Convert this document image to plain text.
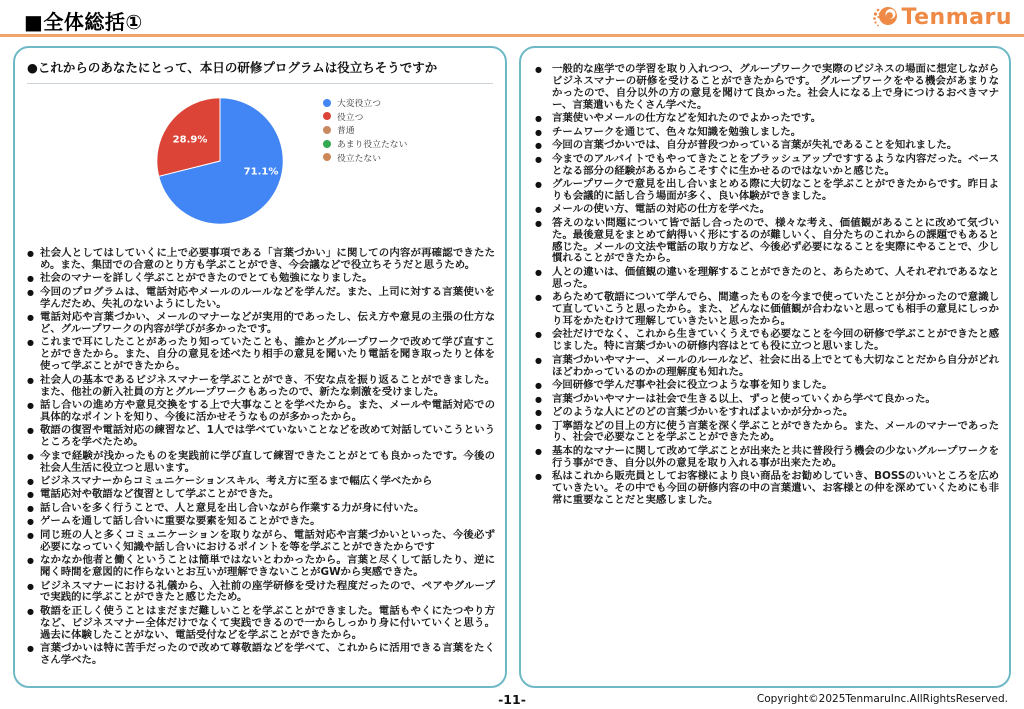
■全体総括①	Tenmaru
●これからのあなたにとって、本日の研修プログラムは役立ちそうですか
71.1%
28.9%
大変役立つ
役立つ
普通
あまり役立たない
役立たない
● 社会人としてはしていくに上で必要事項である「言葉づかい」に関しての内容が再確認できたため。また、集団での合意のとり方も学ぶことができ、今会議などで役立ちそうだと思うため。
● 社会のマナーを詳しく学ぶことができたのでとても勉強になりました。
● 今回のプログラムは、電話対応やメールのルールなどを学んだ。また、上司に対する言葉使いを学んだため、失礼のないようにしたい。
● 電話対応や言葉づかい、メールのマナーなどが実用的であったし、伝え方や意見の主張の仕方など、グループワークの内容が学びが多かったです。
● これまで耳にしたことがあったり知っていたことも、誰かとグループワークで改めて学び直すことができたから。また、自分の意見を述べたり相手の意見を聞いたり電話を聞き取ったりと体を使って学ぶことができたから。
● 社会人の基本であるビジネスマナーを学ぶことができ、不安な点を振り返ることができました。また、他社の新入社員の方とグループワークもあったので、新たな刺激を受けました。
● 話し合いの進め方や意見交換をする上で大事なことを学べたから。また、メールや電話対応での具体的なポイントを知り、今後に活かせそうなものが多かったから。
● 敬語の復習や電話対応の練習など、1人では学べていないことなどを改めて対話していこうというところを学べたため。
● 今まで経験が浅かったものを実践前に学び直して練習できたことがとても良かったです。今後の社会人生活に役立つと思います。
● ビジネスマナーからコミュニケーションスキル、考え方に至るまで幅広く学べたから
● 電話応対や敬語など復習として学ぶことができた。
● 話し合いを多く行うことで、人と意見を出し合いながら作業する力が身に付いた。
● ゲームを通して話し合いに重要な要素を知ることができた。
● 同じ班の人と多くコミュニケーションを取りながら、電話対応や言葉づかいといった、今後必ず必要になっていく知識や話し合いにおけるポイントを等を学ぶことができたからです
● なかなか他者と働くということは簡単ではないとわかったから。言葉と尽くして話したり、逆に聞く時間を意図的に作らないとお互いが理解できないことがGWから実感できた。
● ビジネスマナーにおける礼儀から、入社前の座学研修を受けた程度だったので、ペアやグループで実践的に学ぶことができたと感じたため。
● 敬語を正しく使うことはまだまだ難しいことを学ぶことができました。電話もやくにたつやり方など、ビジネスマナー全体だけでなくて実践できるので一からしっかり身に付いていくと思う。過去に体験したことがない、電話受付などを学ぶことができたから。
● 言葉づかいは特に苦手だったので改めて尊敬語などを学べて、これからに活用できる言葉をたくさん学べた。
● 一般的な座学での学習を取り入れつつ、グループワークで実際のビジネスの場面に想定しながらビジネスマナーの研修を受けることができたからです。 グループワークをやる機会があまりなかったので、自分以外の方の意見を聞けて良かった。社会人になる上で身につけるおべきマナー、言葉遣いもたくさん学べた。
● 言葉使いやメールの仕方などを知れたのでよかったです。
● チームワークを通じて、色々な知識を勉強しました。
● 今回の言葉づかいでは、自分が普段つかっている言葉が失礼であることを知れました。
● 今までのアルバイトでもやってきたことをブラッシュアップですするような内容だった。ベースとなる部分の経験があるからこそすぐに生かせるのではないかと感じた。
● グループワークで意見を出し合いまとめる際に大切なことを学ぶことができたからです。昨日よりも会議的に話し合う場面が多く、良い体験ができました。
● メールの使い方、電話の対応の仕方を学べた。
● 答えのない問題について皆で話し合ったので、様々な考え、価値観があることに改めて気づいた。最後意見をまとめて納得いく形にするのが難しいく、自分たちのこれからの課題でもあると感じた。メールの文法や電話の取り方など、今後必ず必要になることを実際にやることで、少し慣れることができたから。
● 人との違いは、価値観の違いを理解することができたのと、あらためて、人それぞれであるなと思った。
● あらためて敬語について学んでら、間違ったものを今まで使っていたことが分かったので意識して直していこうと思ったから。また、どんなに価値観が合わないと思っても相手の意見にしっかり耳をかたむけて理解していきたいと思ったから。
● 会社だけでなく、これから生きていくうえでも必要なことを今回の研修で学ぶことができたと感じました。特に言葉づかいの研修内容はとても役に立つと思いました。
● 言葉づかいやマナー、メールのルールなど、社会に出る上でとても大切なことだから自分がどれほどわかっているのかの理解度も知れた。
● 今回研修で学んだ事や社会に役立つような事を知りました。
● 言葉づかいやマナーは社会で生きる以上、ずっと使っていくから学べて良かった。
● どのような人にどのどの言葉づかいをすればよいかが分かった。
● 丁寧語などの目上の方に使う言葉を深く学ぶことができたから。また、メールのマナーであったり、社会で必要なことを学ぶことができたため。
● 基本的なマナーに関して改めて学ぶことが出来たと共に普段行う機会の少ないグループワークを行う事ができ、自分以外の意見を取り入れる事が出来たため。
● 私はこれから販売員としてお客様により良い商品をお勧めしていき、BOSSのいいところを広めていきたい。その中でも今回の研修内容の中の言葉遣い、お客様との仲を深めていくためにも非常に重要なことだと実感しました。
-11-	Copyright©2025TenmaruInc.AllRightsReserved.
